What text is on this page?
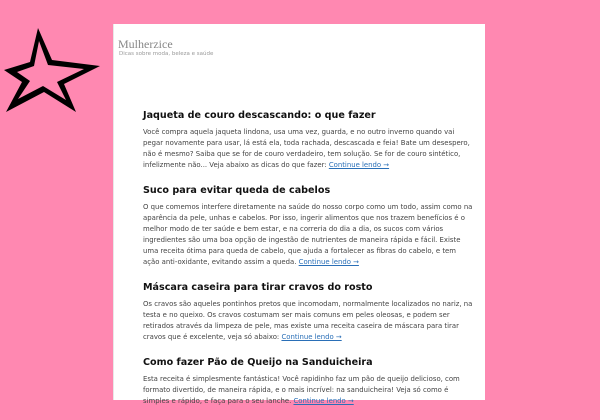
Mulherzice
Dicas sobre moda, beleza e saúde
Jaqueta de couro descascando: o que fazer

Você compra aquela jaqueta lindona, usa uma vez, guarda, e no outro inverno quando vai pegar novamente para usar, lá está ela, toda rachada, descascada e feia! Bate um desespero, não é mesmo? Saiba que se for de couro verdadeiro, tem solução. Se for de couro sintético, infelizmente não... Veja abaixo as dicas do que fazer: Continue lendo →

Suco para evitar queda de cabelos

O que comemos interfere diretamente na saúde do nosso corpo como um todo, assim como na aparência da pele, unhas e cabelos. Por isso, ingerir alimentos que nos trazem benefícios é o melhor modo de ter saúde e bem estar, e na correria do dia a dia, os sucos com vários ingredientes são uma boa opção de ingestão de nutrientes de maneira rápida e fácil. Existe uma receita ótima para queda de cabelo, que ajuda a fortalecer as fibras do cabelo, e tem ação anti-oxidante, evitando assim a queda. Continue lendo →

Máscara caseira para tirar cravos do rosto

Os cravos são aqueles pontinhos pretos que incomodam, normalmente localizados no nariz, na testa e no queixo. Os cravos costumam ser mais comuns em peles oleosas, e podem ser retirados através da limpeza de pele, mas existe uma receita caseira de máscara para tirar cravos que é excelente, veja só abaixo: Continue lendo →

Como fazer Pão de Queijo na Sanduicheira

Esta receita é simplesmente fantástica! Você rapidinho faz um pão de queijo delicioso, com formato divertido, de maneira rápida, e o mais incrível: na sanduicheira! Veja só como é simples e rápido, e faça para o seu lanche. Continue lendo →
